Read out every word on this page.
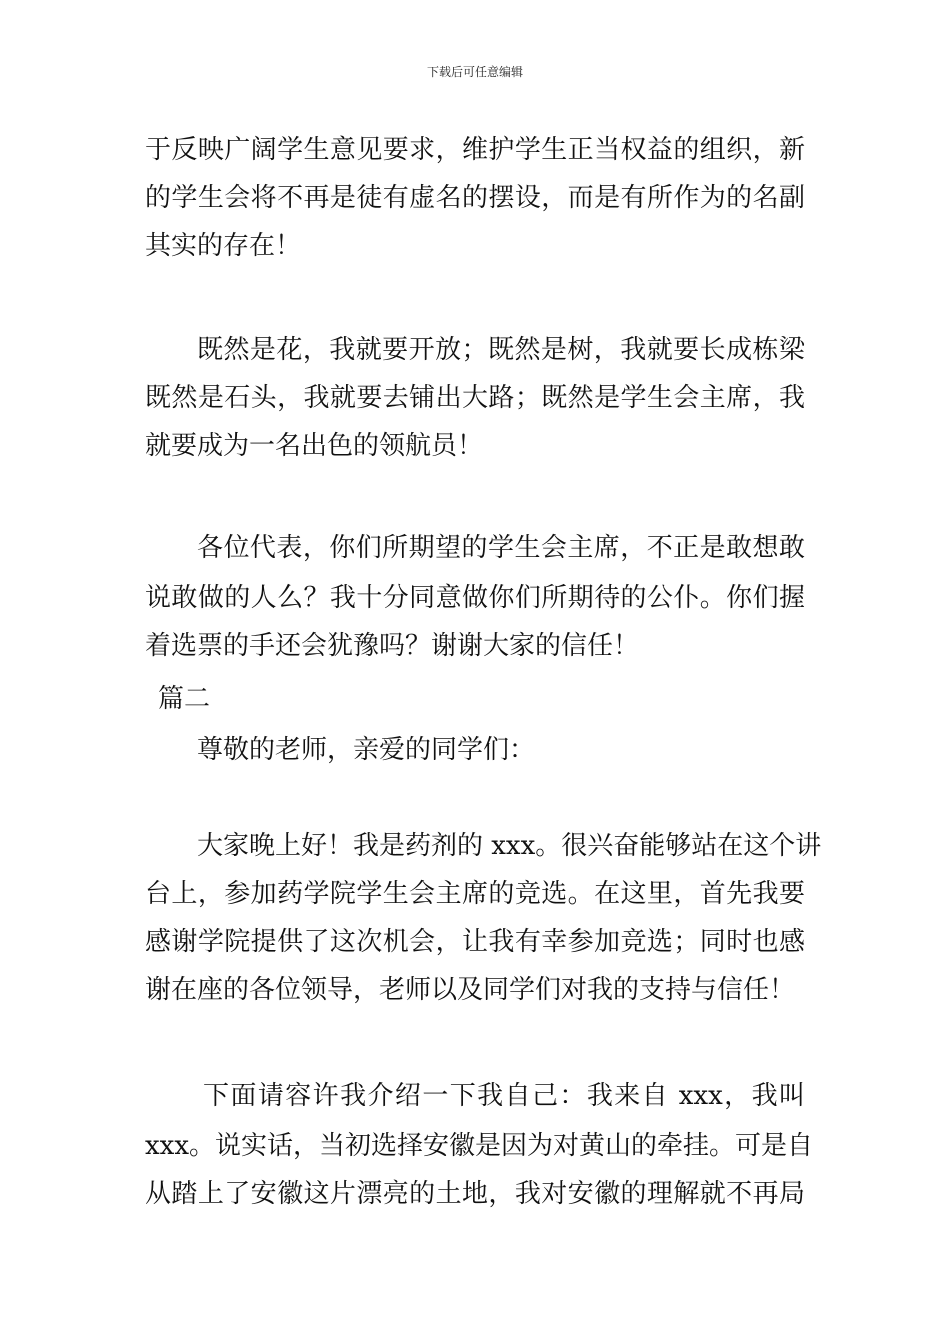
下载后可任意编辑
于反映广阔学生意见要求，维护学生正当权益的组织，新
的学生会将不再是徒有虚名的摆设，而是有所作为的名副
其实的存在！
既然是花，我就要开放；既然是树，我就要长成栋梁
既然是石头，我就要去铺出大路；既然是学生会主席，我
就要成为一名出色的领航员！
各位代表，你们所期望的学生会主席，不正是敢想敢
说敢做的人么？我十分同意做你们所期待的公仆。你们握
着选票的手还会犹豫吗？谢谢大家的信任！
篇二
尊敬的老师，亲爱的同学们：
大家晚上好！我是药剂的 xxx。很兴奋能够站在这个讲
台上，参加药学院学生会主席的竞选。在这里，首先我要
感谢学院提供了这次机会，让我有幸参加竞选；同时也感
谢在座的各位领导，老师以及同学们对我的支持与信任！
下面请容许我介绍一下我自己：我来自 xxx，我叫
xxx。说实话，当初选择安徽是因为对黄山的牵挂。可是自
从踏上了安徽这片漂亮的土地，我对安徽的理解就不再局
